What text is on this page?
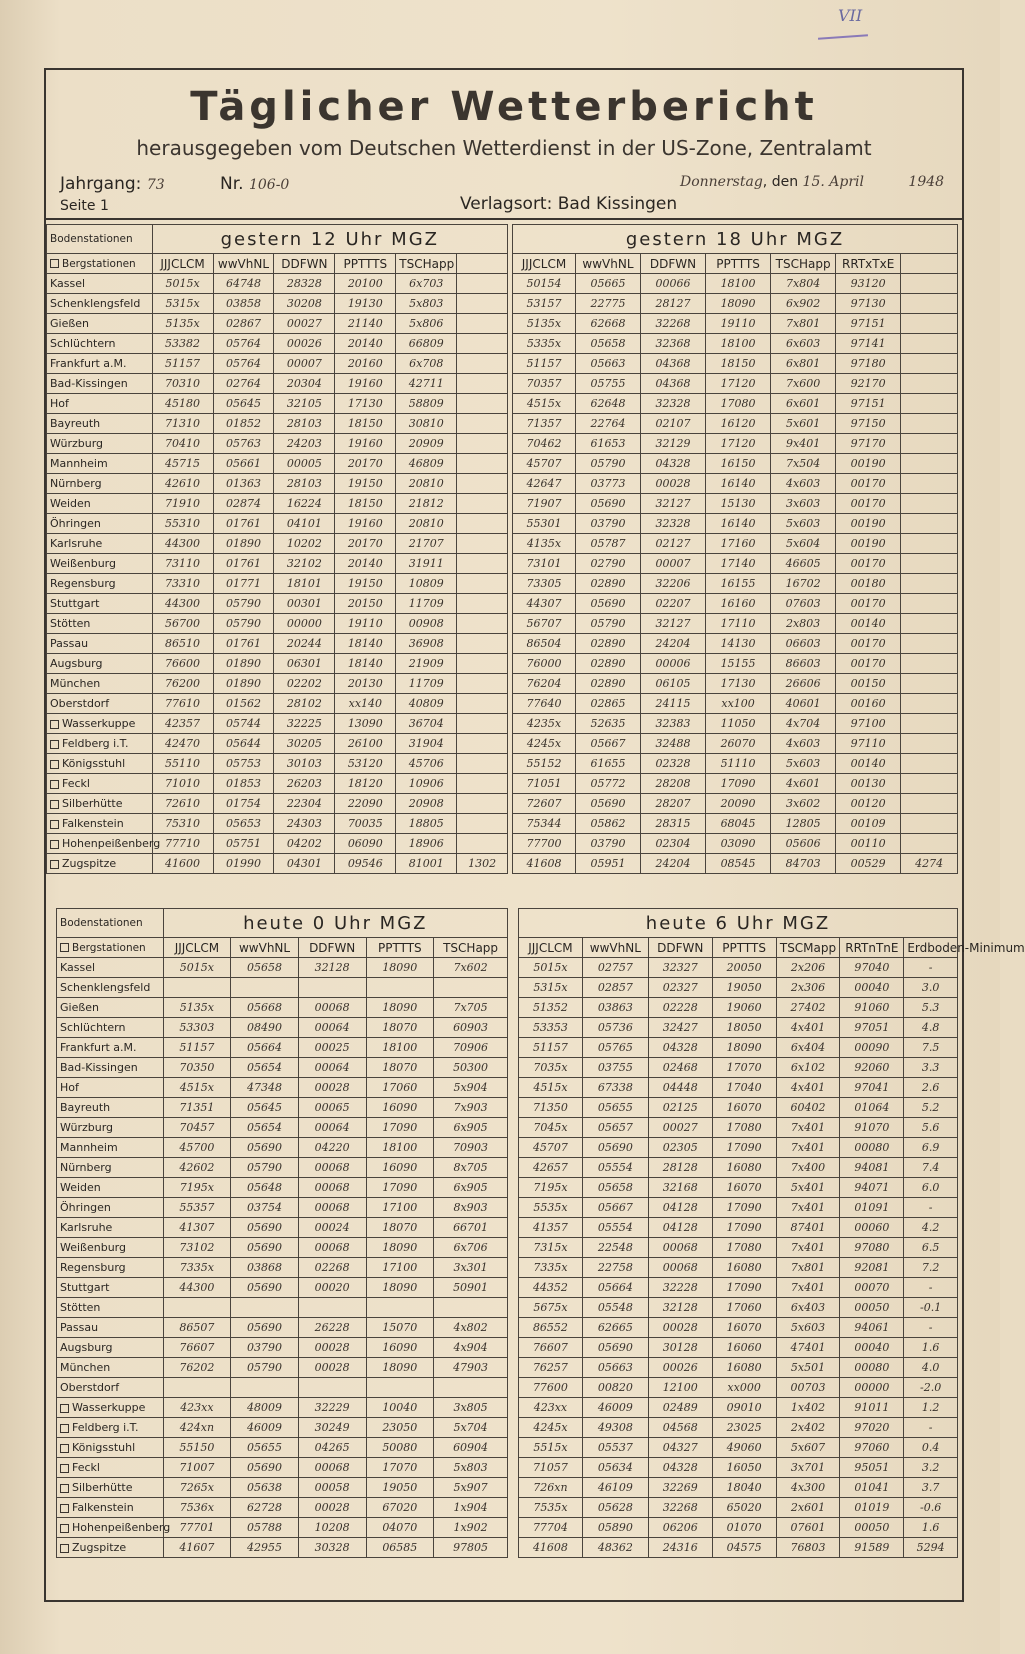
VII
Täglicher Wetterbericht
herausgegeben vom Deutschen Wetterdienst in der US-Zone, Zentralamt
Jahrgang: 73	Nr. 106-0	Donnerstag, den 15. April	1948
Seite 1	Verlagsort: Bad Kissingen
Bodenstationen	gestern 12 Uhr MGZ					
Bergstationen	JJJCLCM	wwVhNL	DDFWN	PPTTTS	TSCHapp	
Kassel	5015x	64748	28328	20100	6x703	
Schenklengsfeld	5315x	03858	30208	19130	5x803	
Gießen	5135x	02867	00027	21140	5x806	
Schlüchtern	53382	05764	00026	20140	66809	
Frankfurt a.M.	51157	05764	00007	20160	6x708	
Bad-Kissingen	70310	02764	20304	19160	42711	
Hof	45180	05645	32105	17130	58809	
Bayreuth	71310	01852	28103	18150	30810	
Würzburg	70410	05763	24203	19160	20909	
Mannheim	45715	05661	00005	20170	46809	
Nürnberg	42610	01363	28103	19150	20810	
Weiden	71910	02874	16224	18150	21812	
Öhringen	55310	01761	04101	19160	20810	
Karlsruhe	44300	01890	10202	20170	21707	
Weißenburg	73110	01761	32102	20140	31911	
Regensburg	73310	01771	18101	19150	10809	
Stuttgart	44300	05790	00301	20150	11709	
Stötten	56700	05790	00000	19110	00908	
Passau	86510	01761	20244	18140	36908	
Augsburg	76600	01890	06301	18140	21909	
München	76200	01890	02202	20130	11709	
Oberstdorf	77610	01562	28102	xx140	40809	
Wasserkuppe	42357	05744	32225	13090	36704	
Feldberg i.T.	42470	05644	30205	26100	31904	
Königsstuhl	55110	05753	30103	53120	45706	
Feckl	71010	01853	26203	18120	10906	
Silberhütte	72610	01754	22304	22090	20908	
Falkenstein	75310	05653	24303	70035	18805	
Hohenpeißenberg	77710	05751	04202	06090	18906	
Zugspitze	41600	01990	04301	09546	81001	1302
gestern 18 Uhr MGZ						
JJJCLCM	wwVhNL	DDFWN	PPTTTS	TSCHapp	RRTxTxE	
50154	05665	00066	18100	7x804	93120	
53157	22775	28127	18090	6x902	97130	
5135x	62668	32268	19110	7x801	97151	
5335x	05658	32368	18100	6x603	97141	
51157	05663	04368	18150	6x801	97180	
70357	05755	04368	17120	7x600	92170	
4515x	62648	32328	17080	6x601	97151	
71357	22764	02107	16120	5x601	97150	
70462	61653	32129	17120	9x401	97170	
45707	05790	04328	16150	7x504	00190	
42647	03773	00028	16140	4x603	00170	
71907	05690	32127	15130	3x603	00170	
55301	03790	32328	16140	5x603	00190	
4135x	05787	02127	17160	5x604	00190	
73101	02790	00007	17140	46605	00170	
73305	02890	32206	16155	16702	00180	
44307	05690	02207	16160	07603	00170	
56707	05790	32127	17110	2x803	00140	
86504	02890	24204	14130	06603	00170	
76000	02890	00006	15155	86603	00170	
76204	02890	06105	17130	26606	00150	
77640	02865	24115	xx100	40601	00160	
4235x	52635	32383	11050	4x704	97100	
4245x	05667	32488	26070	4x603	97110	
55152	61655	02328	51110	5x603	00140	
71051	05772	28208	17090	4x601	00130	
72607	05690	28207	20090	3x602	00120	
75344	05862	28315	68045	12805	00109	
77700	03790	02304	03090	05606	00110	
41608	05951	24204	08545	84703	00529	4274
Bodenstationen	heute 0 Uhr MGZ				
Bergstationen	JJJCLCM	wwVhNL	DDFWN	PPTTTS	TSCHapp
Kassel	5015x	05658	32128	18090	7x602
Schenklengsfeld					
Gießen	5135x	05668	00068	18090	7x705
Schlüchtern	53303	08490	00064	18070	60903
Frankfurt a.M.	51157	05664	00025	18100	70906
Bad-Kissingen	70350	05654	00064	18070	50300
Hof	4515x	47348	00028	17060	5x904
Bayreuth	71351	05645	00065	16090	7x903
Würzburg	70457	05654	00064	17090	6x905
Mannheim	45700	05690	04220	18100	70903
Nürnberg	42602	05790	00068	16090	8x705
Weiden	7195x	05648	00068	17090	6x905
Öhringen	55357	03754	00068	17100	8x903
Karlsruhe	41307	05690	00024	18070	66701
Weißenburg	73102	05690	00068	18090	6x706
Regensburg	7335x	03868	02268	17100	3x301
Stuttgart	44300	05690	00020	18090	50901
Stötten					
Passau	86507	05690	26228	15070	4x802
Augsburg	76607	03790	00028	16090	4x904
München	76202	05790	00028	18090	47903
Oberstdorf					
Wasserkuppe	423xx	48009	32229	10040	3x805
Feldberg i.T.	424xn	46009	30249	23050	5x704
Königsstuhl	55150	05655	04265	50080	60904
Feckl	71007	05690	00068	17070	5x803
Silberhütte	7265x	05638	00058	19050	5x907
Falkenstein	7536x	62728	00028	67020	1x904
Hohenpeißenberg	77701	05788	10208	04070	1x902
Zugspitze	41607	42955	30328	06585	97805
heute 6 Uhr MGZ						
JJJCLCM	wwVhNL	DDFWN	PPTTTS	TSCMapp	RRTnTnE	Erdboden-Minimum
5015x	02757	32327	20050	2x206	97040	-
5315x	02857	02327	19050	2x306	00040	3.0
51352	03863	02228	19060	27402	91060	5.3
53353	05736	32427	18050	4x401	97051	4.8
51157	05765	04328	18090	6x404	00090	7.5
7035x	03755	02468	17070	6x102	92060	3.3
4515x	67338	04448	17040	4x401	97041	2.6
71350	05655	02125	16070	60402	01064	5.2
7045x	05657	00027	17080	7x401	91070	5.6
45707	05690	02305	17090	7x401	00080	6.9
42657	05554	28128	16080	7x400	94081	7.4
7195x	05658	32168	16070	5x401	94071	6.0
5535x	05667	04128	17090	7x401	01091	-
41357	05554	04128	17090	87401	00060	4.2
7315x	22548	00068	17080	7x401	97080	6.5
7335x	22758	00068	16080	7x801	92081	7.2
44352	05664	32228	17090	7x401	00070	-
5675x	05548	32128	17060	6x403	00050	-0.1
86552	62665	00028	16070	5x603	94061	-
76607	05690	30128	16060	47401	00040	1.6
76257	05663	00026	16080	5x501	00080	4.0
77600	00820	12100	xx000	00703	00000	-2.0
423xx	46009	02489	09010	1x402	91011	1.2
4245x	49308	04568	23025	2x402	97020	-
5515x	05537	04327	49060	5x607	97060	0.4
71057	05634	04328	16050	3x701	95051	3.2
726xn	46109	32269	18040	4x300	01041	3.7
7535x	05628	32268	65020	2x601	01019	-0.6
77704	05890	06206	01070	07601	00050	1.6
41608	48362	24316	04575	76803	91589	5294
